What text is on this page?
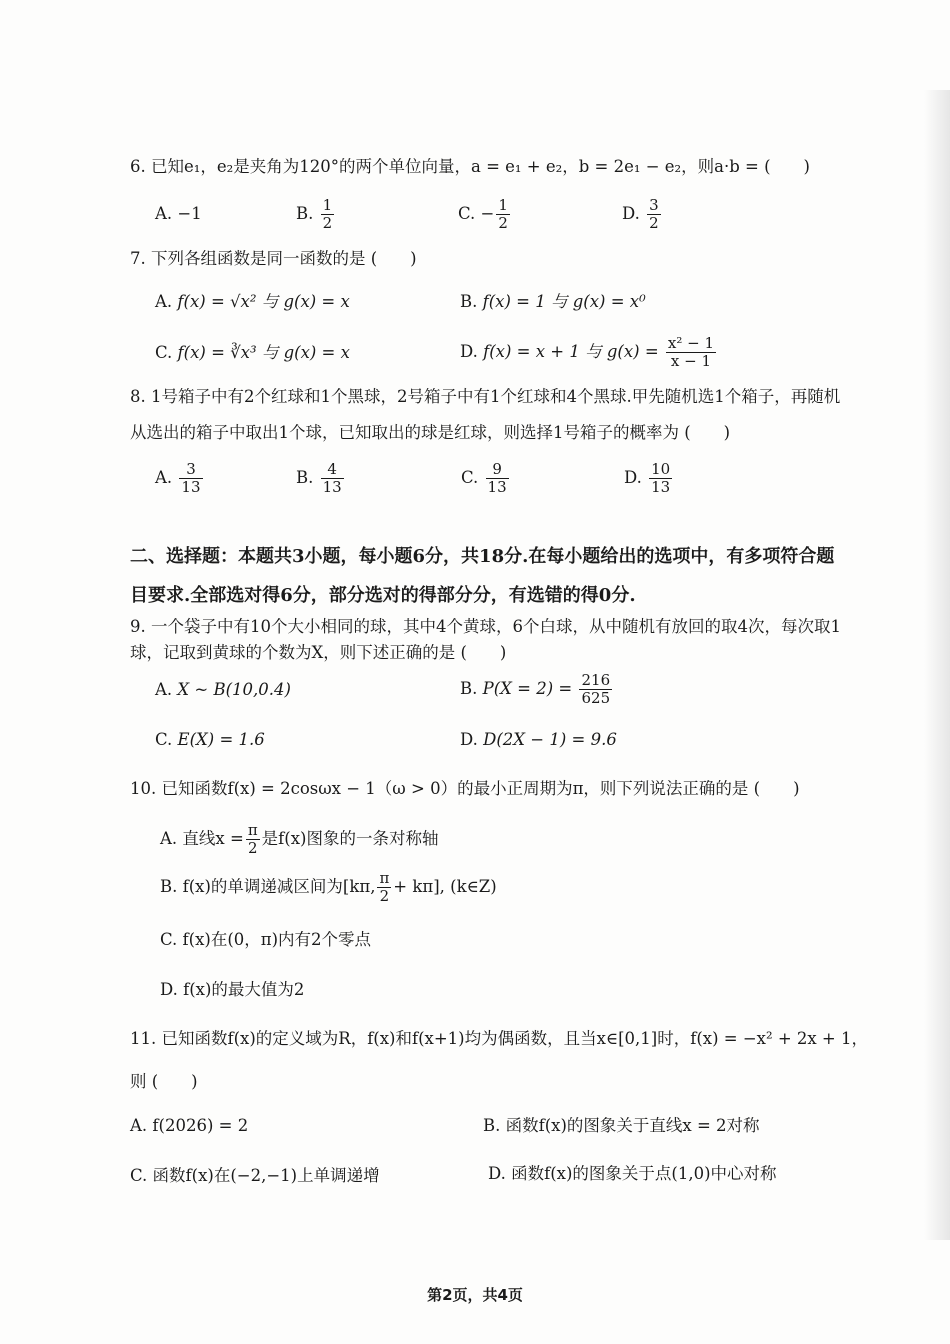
6. 已知e₁，e₂是夹角为120°的两个单位向量，a = e₁ + e₂，b = 2e₁ − e₂，则a·b = (　　)
A. −1	B. $\frac{1}{2}$	C. − $\frac{1}{2}$	D. $\frac{3}{2}$
7. 下列各组函数是同一函数的是 (　　)
A. f(x) = √x² 与 g(x) = x	B. f(x) = 1 与 g(x) = x⁰
C. f(x) = ∛x³ 与 g(x) = x	D. f(x) = x + 1 与 $g(x) = \frac{\text{x² − 1}}{x - 1}$
8. 1号箱子中有2个红球和1个黑球，2号箱子中有1个红球和4个黑球.甲先随机选1个箱子，再随机
从选出的箱子中取出1个球，已知取出的球是红球，则选择1号箱子的概率为 (　　)
A. $\frac{3}{13}$	B. $\frac{4}{13}$	C. $\frac{9}{13}$	D. $\frac{10}{13}$
二、选择题：本题共3小题，每小题6分，共18分.在每小题给出的选项中，有多项符合题
目要求.全部选对得6分，部分选对的得部分分，有选错的得0分.
9. 一个袋子中有10个大小相同的球，其中4个黄球，6个白球，从中随机有放回的取4次，每次取1
球，记取到黄球的个数为X，则下述正确的是 (　　)
A. X ~ B(10,0.4)	B. $P(X = 2) = \frac{216}{625}$
C. E(X) = 1.6	D. D(2X − 1) = 9.6
10. 已知函数f(x) = 2cosωx − 1（ω > 0）的最小正周期为π，则下列说法正确的是 (　　)
A. 直线$x = \frac{\pi}{2}$ 是f(x)图象的一条对称轴
B. f(x)的单调递减区间为[kπ, $\frac{\pi}{2} + k\pi$], (k∈Z)
C. f(x)在(0，π)内有2个零点
D. f(x)的最大值为2
11. 已知函数f(x)的定义域为R，f(x)和f(x+1)均为偶函数，且当x∈[0,1]时，f(x) = −x² + 2x + 1，
则 (　　)
A. f(2026) = 2	B. 函数f(x)的图象关于直线x = 2对称
C. 函数f(x)在(−2,−1)上单调递增	D. 函数f(x)的图象关于点(1,0)中心对称
第2页，共4页
